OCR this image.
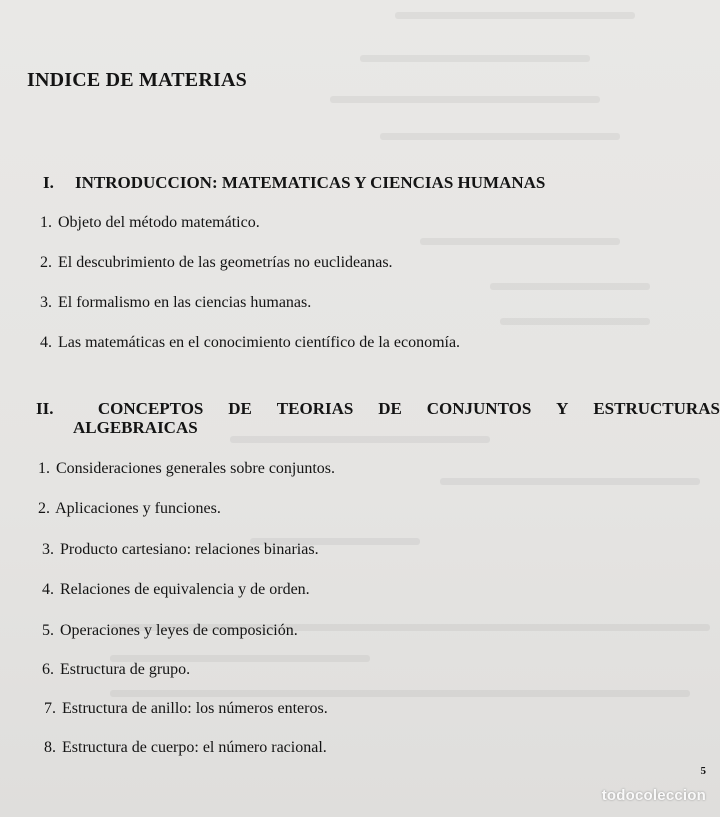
INDICE DE MATERIAS
I. INTRODUCCION: MATEMATICAS Y CIENCIAS HUMANAS
1. Objeto del método matemático.
2. El descubrimiento de las geometrías no euclideanas.
3. El formalismo en las ciencias humanas.
4. Las matemáticas en el conocimiento científico de la economía.
II.	CONCEPTOS DE TEORIAS DE CONJUNTOS Y ESTRUCTURAS
ALGEBRAICAS
1. Consideraciones generales sobre conjuntos.
2. Aplicaciones y funciones.
3. Producto cartesiano: relaciones binarias.
4. Relaciones de equivalencia y de orden.
5. Operaciones y leyes de composición.
6. Estructura de grupo.
7. Estructura de anillo: los números enteros.
8. Estructura de cuerpo: el número racional.
5
todocoleccion
